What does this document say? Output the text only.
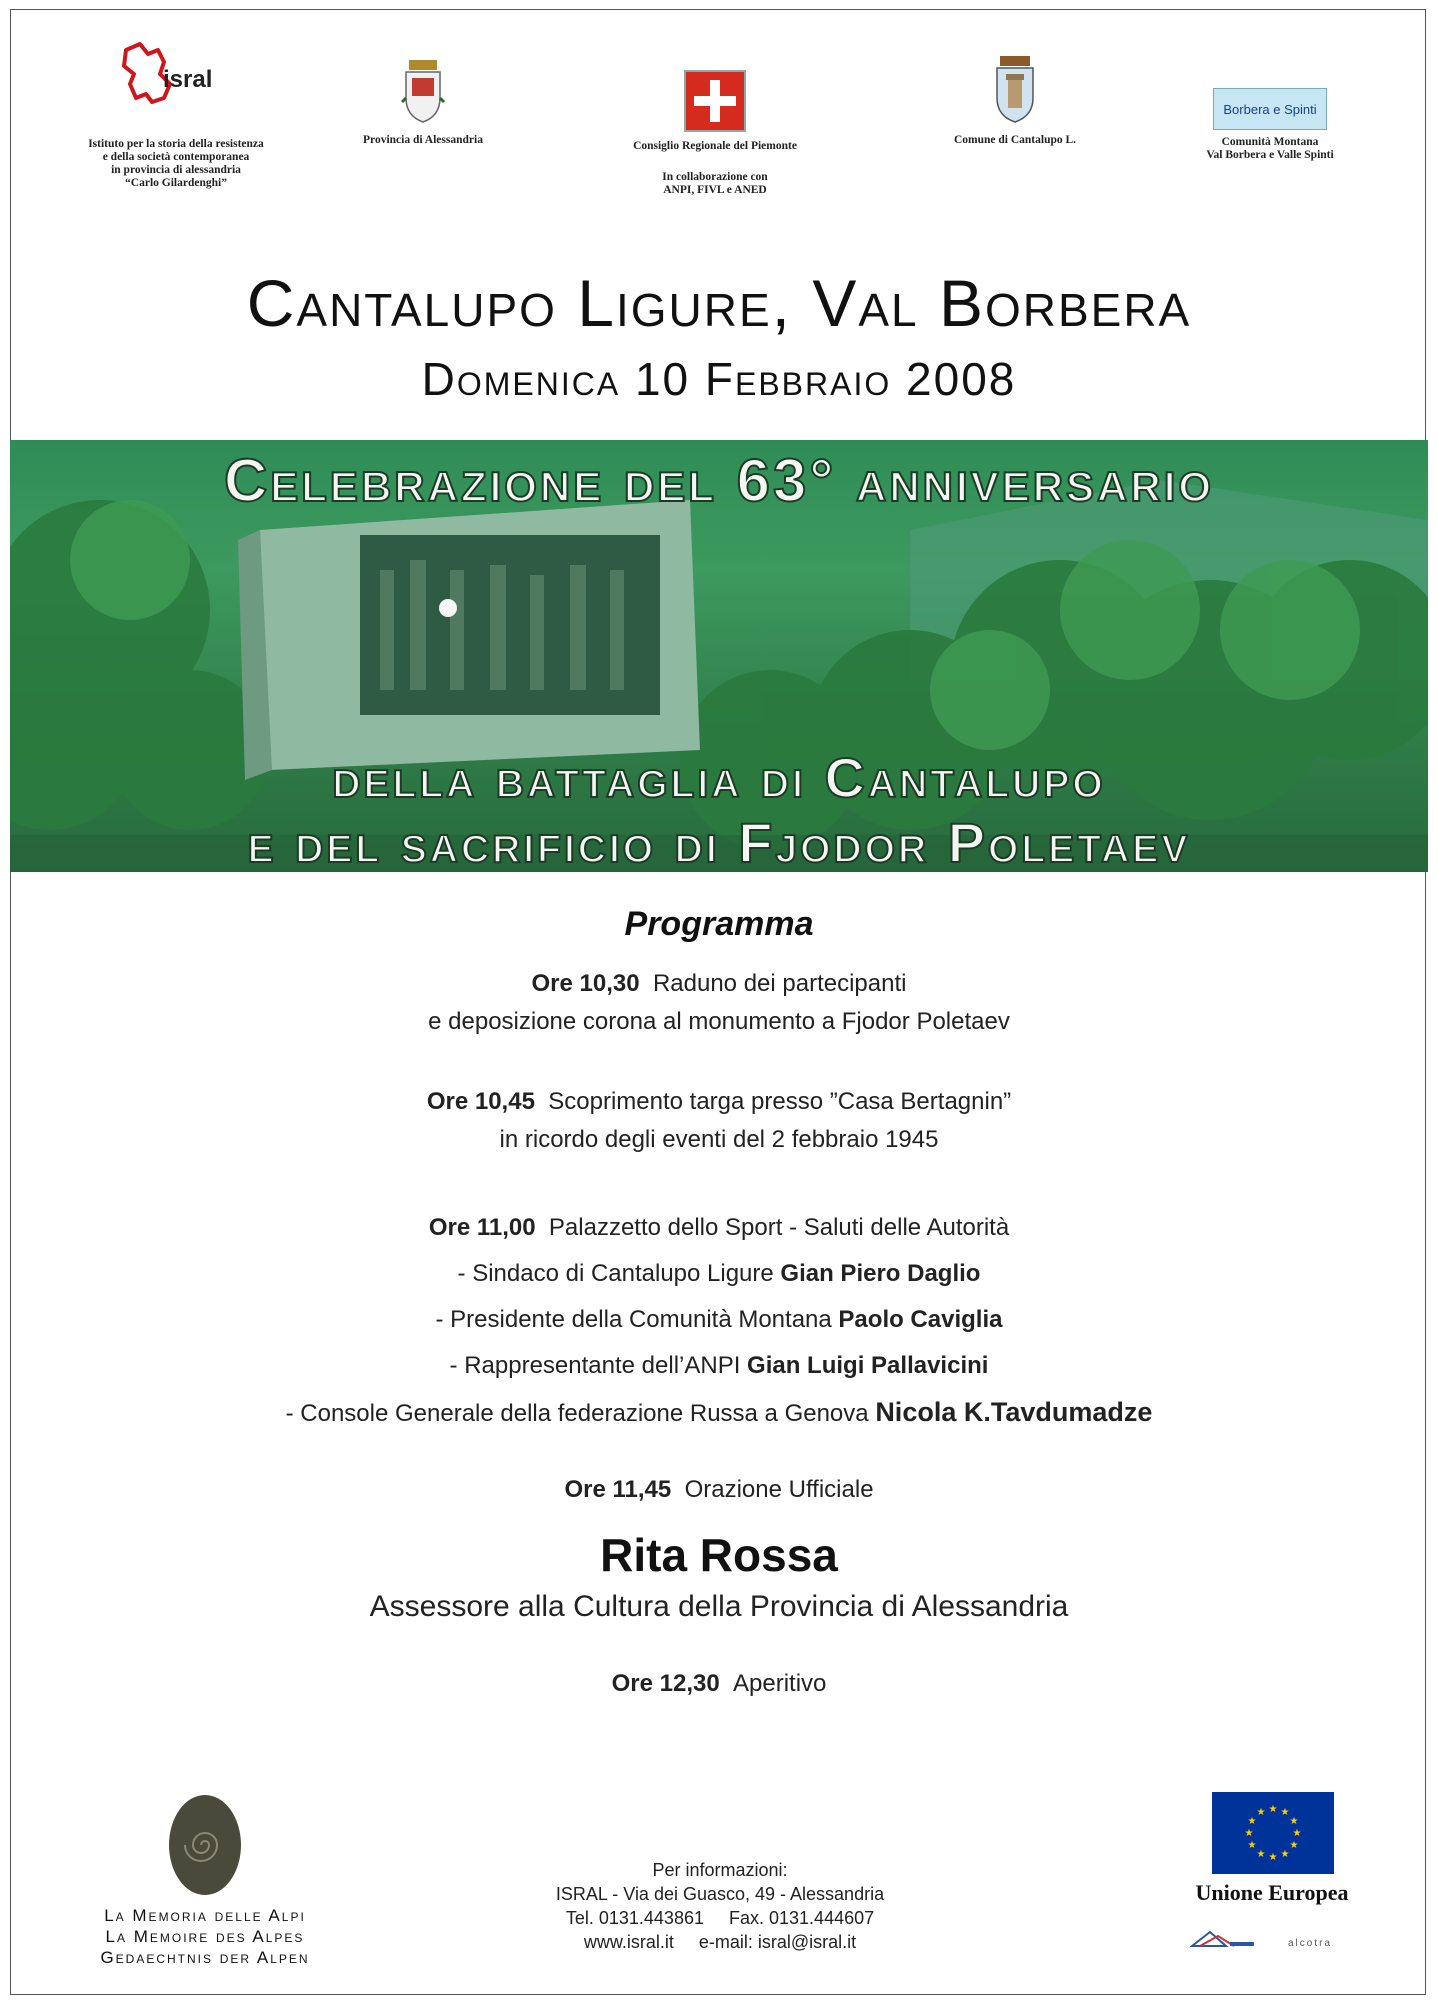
isral
Istituto per la storia della resistenza
e della società contemporanea
in provincia di alessandria
“Carlo Gilardenghi”
Provincia di Alessandria	Consiglio Regionale del Piemonte
In collaborazione con
ANPI, FIVL e ANED
Comune di Cantalupo L.
Borbera e Spinti
Comunità Montana
Val Borbera e Valle Spinti
Cantalupo Ligure, Val Borbera
Domenica 10 Febbraio 2008
Celebrazione del 63° anniversario
della battaglia di Cantalupo
e del sacrificio di Fjodor Poletaev
Programma
Ore 10,30 Raduno dei partecipanti
e deposizione corona al monumento a Fjodor Poletaev
Ore 10,45 Scoprimento targa presso ”Casa Bertagnin”
in ricordo degli eventi del 2 febbraio 1945
Ore 11,00 Palazzetto dello Sport - Saluti delle Autorità
- Sindaco di Cantalupo Ligure Gian Piero Daglio
- Presidente della Comunità Montana Paolo Caviglia
- Rappresentante dell’ANPI Gian Luigi Pallavicini
- Console Generale della federazione Russa a Genova Nicola K.Tavdumadze
Ore 11,45 Orazione Ufficiale
Rita Rossa
Assessore alla Cultura della Provincia di Alessandria
Ore 12,30 Aperitivo
La Memoria delle Alpi
La Memoire des Alpes
Gedaechtnis der Alpen
Per informazioni:
ISRAL - Via dei Guasco, 49 - Alessandria
Tel. 0131.443861 Fax. 0131.444607
www.isral.it e-mail: isral@isral.it
★ ★
★
★
★
★
★
★
★
★
★
★
Unione Europea
alcotra
